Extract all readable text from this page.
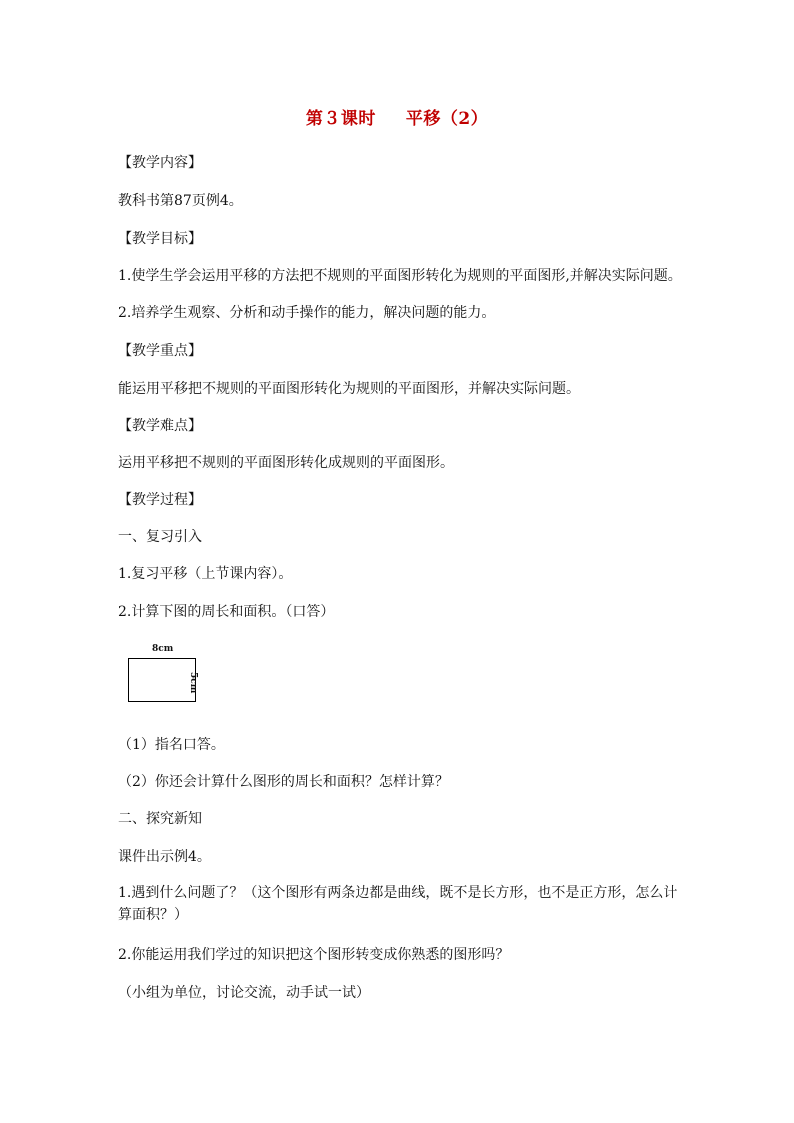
第３课时 平移（2）
【教学内容】
教科书第87页例4。
【教学目标】
1.使学生学会运用平移的方法把不规则的平面图形转化为规则的平面图形,并解决实际问题。
2.培养学生观察、分析和动手操作的能力，解决问题的能力。
【教学重点】
能运用平移把不规则的平面图形转化为规则的平面图形，并解决实际问题。
【教学难点】
运用平移把不规则的平面图形转化成规则的平面图形。
【教学过程】
一、复习引入
1.复习平移（上节课内容）。
2.计算下图的周长和面积。（口答）
8cm
5cm
（1）指名口答。
（2）你还会计算什么图形的周长和面积？怎样计算？
二、探究新知
课件出示例4。
1.遇到什么问题了？（这个图形有两条边都是曲线，既不是长方形，也不是正方形，怎么计算面积？）
2.你能运用我们学过的知识把这个图形转变成你熟悉的图形吗？
（小组为单位，讨论交流，动手试一试）
